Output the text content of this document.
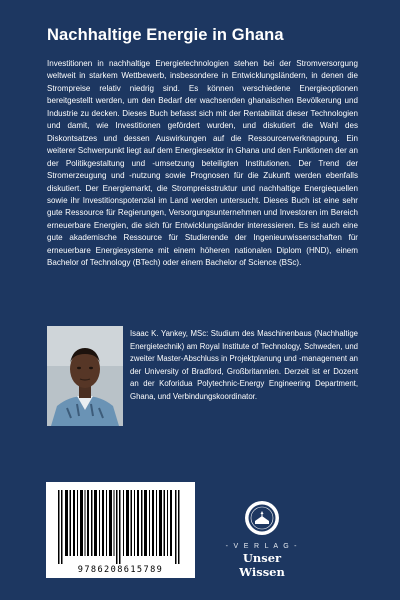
Nachhaltige Energie in Ghana

Investitionen in nachhaltige Energietechnologien stehen bei der Stromversorgung weltweit in starkem Wettbewerb, insbesondere in Entwicklungsländern, in denen die Strompreise relativ niedrig sind. Es können verschiedene Energieoptionen bereitgestellt werden, um den Bedarf der wachsenden ghanaischen Bevölkerung und Industrie zu decken. Dieses Buch befasst sich mit der Rentabilität dieser Technologien und damit, wie Investitionen gefördert wurden, und diskutiert die Wahl des Diskontsatzes und dessen Auswirkungen auf die Ressourcenverknappung. Ein weiterer Schwerpunkt liegt auf dem Energiesektor in Ghana und den Funktionen der an der Politikgestaltung und -umsetzung beteiligten Institutionen. Der Trend der Stromerzeugung und -nutzung sowie Prognosen für die Zukunft werden ebenfalls diskutiert. Der Energiemarkt, die Strompreisstruktur und nachhaltige Energiequellen sowie ihr Investitionspotenzial im Land werden untersucht. Dieses Buch ist eine sehr gute Ressource für Regierungen, Versorgungsunternehmen und Investoren im Bereich erneuerbare Energien, die sich für Entwicklungsländer interessieren. Es ist auch eine gute akademische Ressource für Studierende der Ingenieurwissenschaften für erneuerbare Energiesysteme mit einem höheren nationalen Diplom (HND), einem Bachelor of Technology (BTech) oder einem Bachelor of Science (BSc).

Isaac K. Yankey, MSc: Studium des Maschinenbaus (Nachhaltige Energietechnik) am Royal Institute of Technology, Schweden, und zweiter Master-Abschluss in Projektplanung und -management an der University of Bradford, Großbritannien. Derzeit ist er Dozent an der Koforidua Polytechnic-Energy Engineering Department, Ghana, und Verbindungskoordinator.

9786208615789
- V E R L A G -
Unser Wissen
